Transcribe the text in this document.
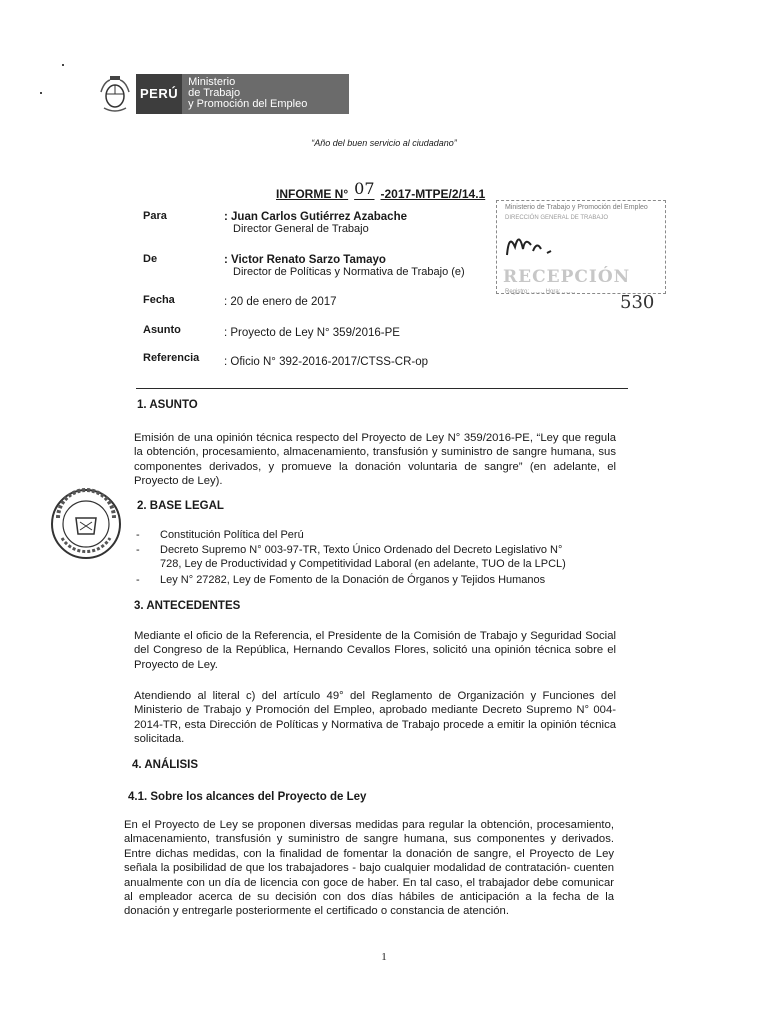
PERÚ
Ministerio
de Trabajo
y Promoción del Empleo
“Año del buen servicio al ciudadano”
INFORME N° 07 -2017-MTPE/2/14.1
Para	: Juan Carlos Gutiérrez Azabache
Director General de Trabajo
De	: Victor Renato Sarzo Tamayo
Director de Políticas y Normativa de Trabajo (e)
Fecha	: 20 de enero de 2017
Asunto	: Proyecto de Ley N° 359/2016-PE
Referencia : Oficio N° 392-2016-2017/CTSS-CR-op
Ministerio de Trabajo y Promoción del Empleo
DIRECCIÓN GENERAL DE TRABAJO
RECEPCIÓN
Registro: ........ Hora: ........ 530
1. ASUNTO
Emisión de una opinión técnica respecto del Proyecto de Ley N° 359/2016-PE, “Ley que regula la obtención, procesamiento, almacenamiento, transfusión y suministro de sangre humana, sus componentes derivados, y promueve la donación voluntaria de sangre” (en adelante, el Proyecto de Ley).
2. BASE LEGAL
- Constitución Política del Perú
- Decreto Supremo N° 003-97-TR, Texto Único Ordenado del Decreto Legislativo N°
728, Ley de Productividad y Competitividad Laboral (en adelante, TUO de la LPCL)
- Ley N° 27282, Ley de Fomento de la Donación de Órganos y Tejidos Humanos
3. ANTECEDENTES
Mediante el oficio de la Referencia, el Presidente de la Comisión de Trabajo y Seguridad Social del Congreso de la República, Hernando Cevallos Flores, solicitó una opinión técnica sobre el Proyecto de Ley.
Atendiendo al literal c) del artículo 49° del Reglamento de Organización y Funciones del Ministerio de Trabajo y Promoción del Empleo, aprobado mediante Decreto Supremo N° 004-2014-TR, esta Dirección de Políticas y Normativa de Trabajo procede a emitir la opinión técnica solicitada.
4. ANÁLISIS
4.1. Sobre los alcances del Proyecto de Ley
En el Proyecto de Ley se proponen diversas medidas para regular la obtención, procesamiento, almacenamiento, transfusión y suministro de sangre humana, sus componentes y derivados. Entre dichas medidas, con la finalidad de fomentar la donación de sangre, el Proyecto de Ley señala la posibilidad de que los trabajadores - bajo cualquier modalidad de contratación- cuenten anualmente con un día de licencia con goce de haber. En tal caso, el trabajador debe comunicar al empleador acerca de su decisión con dos días hábiles de anticipación a la fecha de la donación y entregarle posteriormente el certificado o constancia de atención.
1
